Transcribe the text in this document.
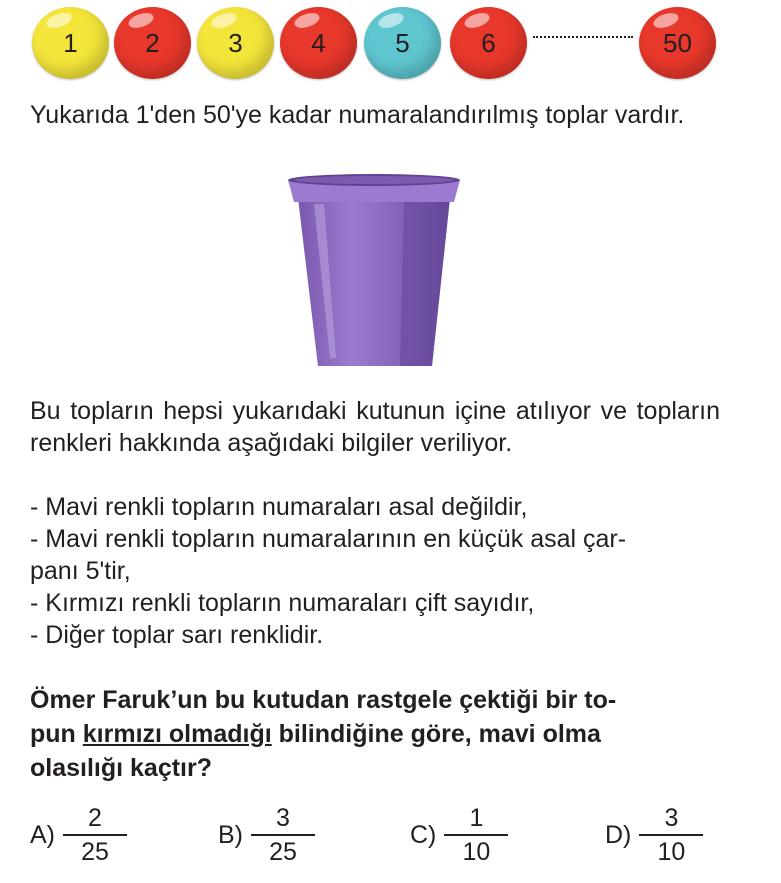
1	2	3	4	5	6	50

Yukarıda 1'den 50'ye kadar numaralandırılmış toplar vardır.

Bu topların hepsi yukarıdaki kutunun içine atılıyor ve topların renkleri hakkında aşağıdaki bilgiler veriliyor.

- Mavi renkli topların numaraları asal değildir,

- Mavi renkli topların numaralarının en küçük asal çar-

panı 5'tir,

- Kırmızı renkli topların numaraları çift sayıdır,

- Diğer toplar sarı renklidir.

Ömer Faruk’un bu kutudan rastgele çektiği bir to-
pun kırmızı olmadığı bilindiğine göre, mavi olma
olasılığı kaçtır?

$A) \frac{2}{25}$	$B) \frac{3}{25}$	$C) \frac{1}{10}$	$D) \frac{3}{10}$
